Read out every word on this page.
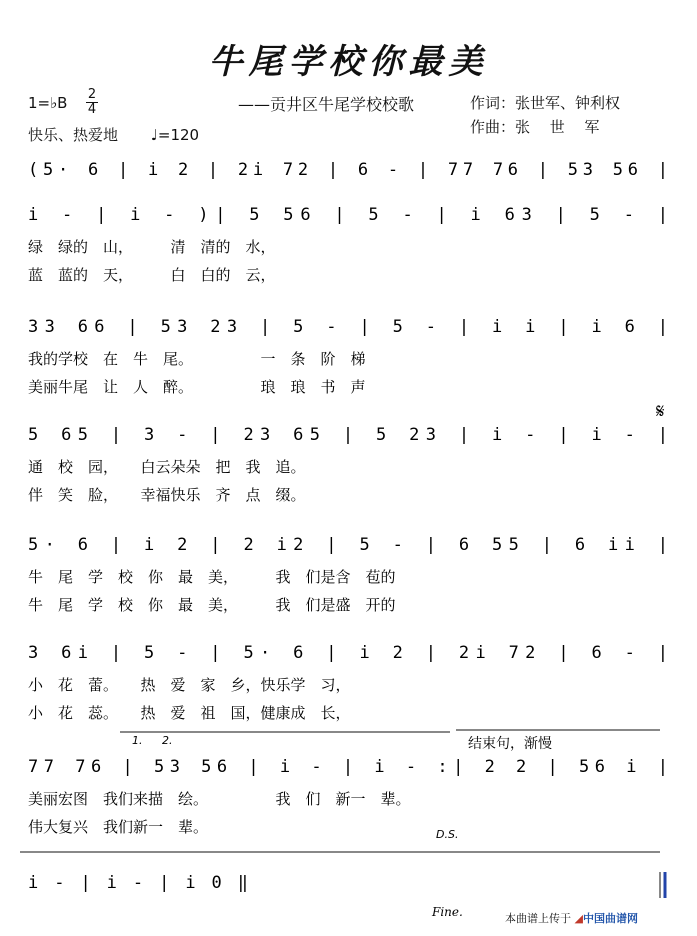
牛尾学校你最美
——贡井区牛尾学校校歌
1=♭B 2
4
快乐、热爱地 ♩=120
作词：张世军、钟利权
作曲：张　 世　 军
(5· 6 | i 2 | 2i 72 | 6 - | 77 76 | 53 56 |
i - | i - )| 5 56 | 5 - | i 63 | 5 - |
绿　绿的　山，　　　清　清的　水，
蓝　蓝的　天，　　　白　白的　云，
33 66 | 53 23 | 5 - | 5 - | i i | i 6 |
我的学校　在　牛　尾。　　　　　一　条　阶　梯
美丽牛尾　让　人　醉。　　　　　琅　琅　书　声
5 65 | 3 - | 23 65 | 5 23 | i - | i - |
通　校　园，　　白云朵朵　把　我　追。
伴　笑　脸，　　幸福快乐　齐　点　缀。
5· 6 | i 2 | 2 i2 | 5 - | 6 55 | 6 ii |
牛　尾　学　校　你　最　美，　　　我　们是含　苞的
牛　尾　学　校　你　最　美，　　　我　们是盛　开的
3 6i | 5 - | 5· 6 | i 2 | 2i 72 | 6 - |
小　花　蕾。　　热　爱　家　乡，快乐学　习，
小　花　蕊。　　热　爱　祖　国，健康成　长，
77 76 | 53 56 | i - | i - :| 2 2 | 56 i |
美丽宏图　我们来描　绘。　　　　　我　们　新一　辈。
伟大复兴　我们新一　辈。
i - | i - | i 0 ‖
𝄋
1. 2.	结束句，渐慢
D.S.
Fine.	本曲谱上传于 ◢中国曲谱网
